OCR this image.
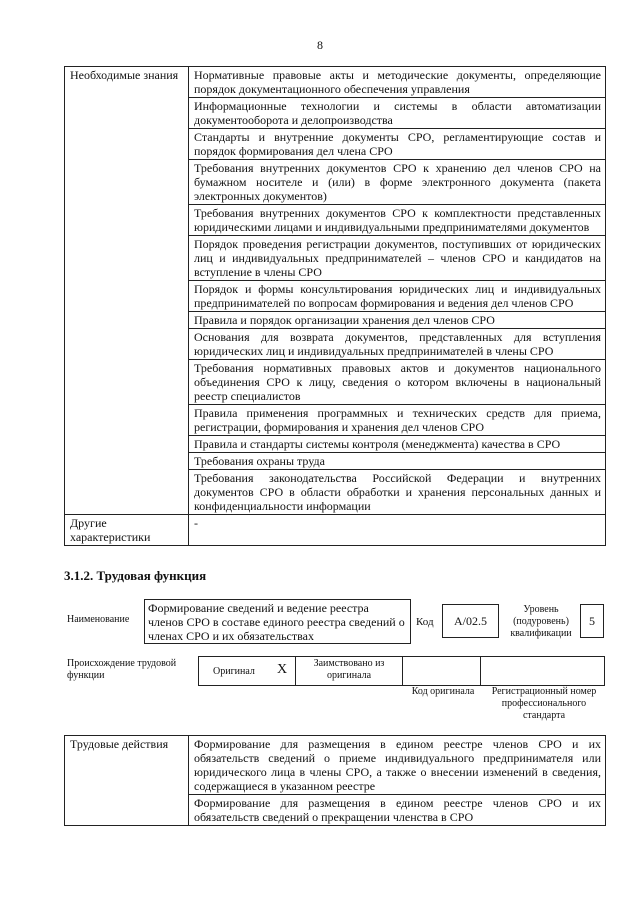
8
Необходимые знания	Нормативные правовые акты и методические документы, определяющие порядок документационного обеспечения управления
	Информационные технологии и системы в области автоматизации документооборота и делопроизводства
	Стандарты и внутренние документы СРО, регламентирующие состав и порядок формирования дел члена СРО
	Требования внутренних документов СРО к хранению дел членов СРО на бумажном носителе и (или) в форме электронного документа (пакета электронных документов)
	Требования внутренних документов СРО к комплектности представленных юридическими лицами и индивидуальными предпринимателями документов
	Порядок проведения регистрации документов, поступивших от юридических лиц и индивидуальных предпринимателей – членов СРО и кандидатов на вступление в члены СРО
	Порядок и формы консультирования юридических лиц и индивидуальных предпринимателей по вопросам формирования и ведения дел членов СРО
	Правила и порядок организации хранения дел членов СРО
	Основания для возврата документов, представленных для вступления юридических лиц и индивидуальных предпринимателей в члены СРО
	Требования нормативных правовых актов и документов национального объединения СРО к лицу, сведения о котором включены в национальный реестр специалистов
	Правила применения программных и технических средств для приема, регистрации, формирования и хранения дел членов СРО
	Правила и стандарты системы контроля (менеджмента) качества в СРО
	Требования охраны труда
	Требования законодательства Российской Федерации и внутренних документов СРО в области обработки и хранения персональных данных и конфиденциальности информации
Другие характеристики	-
3.1.2. Трудовая функция
Наименование
Формирование сведений и ведение реестра членов СРО в составе единого реестра сведений о членах СРО и их обязательствах
Код	A/02.5
Уровень (подуровень) квалификации
5
Происхождение трудовой функции	Оригинал X	Заимствовано из оригинала
Код оригинала	Регистрационный номер профессионального стандарта
Трудовые действия	Формирование для размещения в едином реестре членов СРО и их обязательств сведений о приеме индивидуального предпринимателя или юридического лица в члены СРО, а также о внесении изменений в сведения, содержащиеся в указанном реестре
Формирование для размещения в едином реестре членов СРО и их обязательств сведений о прекращении членства в СРО
